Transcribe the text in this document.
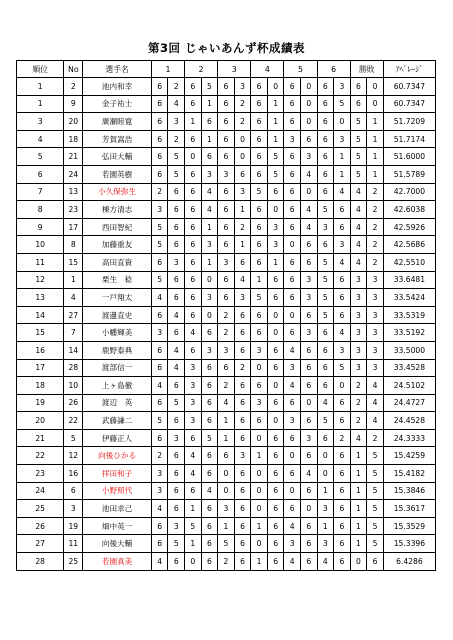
第3回 じゃいあんず杯成績表
順位	No	選手名	1		2		3		4		5		6		勝敗		ｱﾍﾞﾚｰｼﾞ
1	2	池内和幸	6	2	6	5	6	3	6	0	6	0	6	3	6	0	60.7347
1	9	金子祐士	6	4	6	1	6	2	6	1	6	0	6	5	6	0	60.7347
3	20	廣瀬睦寛	6	3	1	6	6	2	6	1	6	0	6	0	5	1	51.7209
4	18	芳賀嵩浩	6	2	6	1	6	0	6	1	3	6	6	3	5	1	51.7174
5	21	弘田大輔	6	5	0	6	6	0	6	5	6	3	6	1	5	1	51.6000
6	24	若園英樹	6	5	6	3	3	6	6	5	6	4	6	1	5	1	51.5789
7	13	小久保弥生	2	6	6	4	6	3	5	6	6	0	6	4	4	2	42.7000
8	23	棟方清志	3	6	6	4	6	1	6	0	6	4	5	6	4	2	42.6038
9	17	西田智紀	5	6	6	1	6	2	6	3	6	4	3	6	4	2	42.5926
10	8	加藤重友	5	6	6	3	6	1	6	3	0	6	6	3	4	2	42.5686
11	15	高田直資	6	3	6	1	3	6	6	1	6	6	5	4	4	2	42.5510
12	1	栗生　稔	5	6	6	0	6	4	1	6	6	3	5	6	3	3	33.6481
13	4	一戸翔太	4	6	6	3	6	3	5	6	6	3	5	6	3	3	33.5424
14	27	渡邊直史	6	4	6	0	2	6	6	0	0	6	5	6	3	3	33.5319
15	7	小幡輝美	3	6	4	6	2	6	6	0	6	3	6	4	3	3	33.5192
16	14	鹿野泰典	6	4	6	3	3	6	3	6	4	6	6	3	3	3	33.5000
17	28	渡部信一	6	4	3	6	6	2	0	6	3	6	6	5	3	3	33.4528
18	10	上ヶ島徹	4	6	3	6	2	6	6	0	4	6	6	0	2	4	24.5102
19	26	渡辺　英	6	5	3	6	4	6	3	6	6	0	4	6	2	4	24.4727
20	22	武藤謙二	5	6	3	6	1	6	6	0	3	6	5	6	2	4	24.4528
21	5	伊藤正人	6	3	6	5	1	6	0	6	6	3	6	2	4	2	24.3333
22	12	向後ひかる	2	6	4	6	6	3	1	6	0	6	0	6	1	5	15.4259
23	16	拝田和子	3	6	4	6	0	6	0	6	6	4	0	6	1	5	15.4182
24	6	小野照代	3	6	6	4	0	6	0	6	0	6	1	6	1	5	15.3846
25	3	池田求己	4	6	1	6	3	6	0	6	6	0	3	6	1	5	15.3617
26	19	畑中英一	6	3	5	6	1	6	1	6	4	6	1	6	1	5	15.3529
27	11	向後大輔	6	5	1	6	5	6	0	6	3	6	3	6	1	5	15.3396
28	25	若園真美	4	6	0	6	2	6	1	6	4	6	4	6	0	6	6.4286
